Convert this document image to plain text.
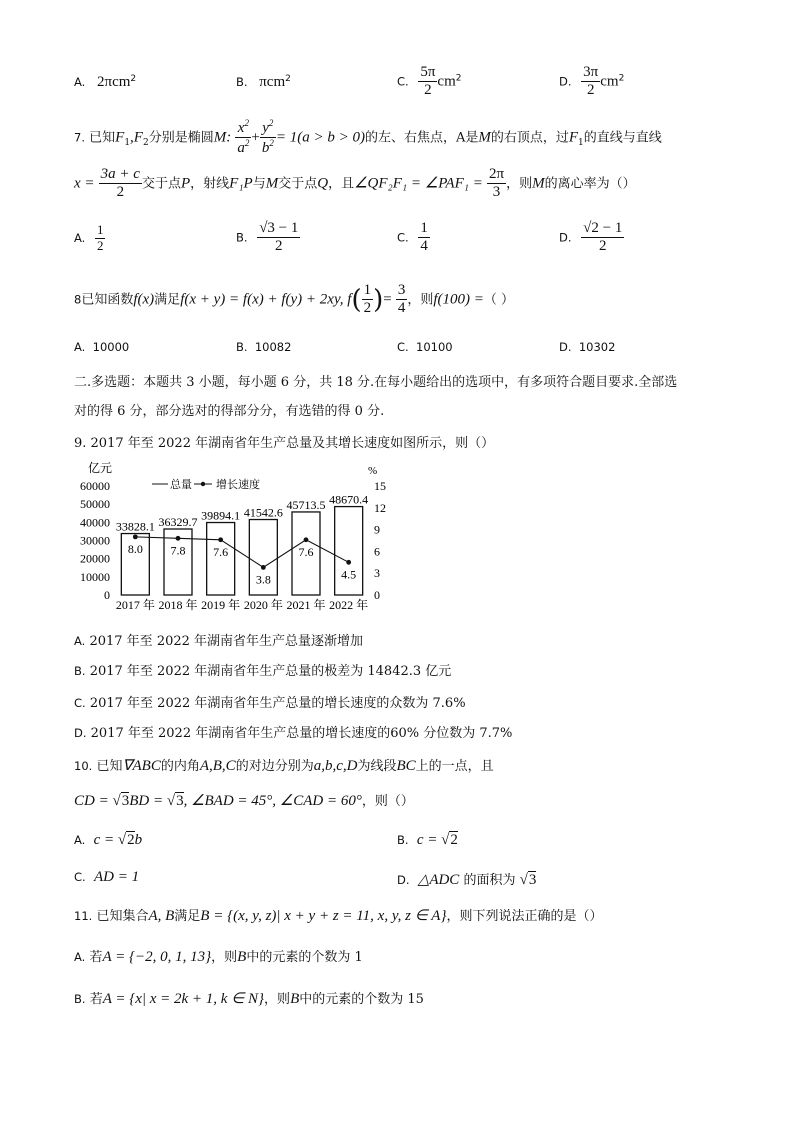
A. 2πcm$^2$	B. πcm$^2$	C. $\frac{5\pi}{2} cm^2$	D. $\frac{3\pi}{2} cm^2$
7. 已知$F_1,F_2$分别是椭圆M: $\frac{x^2}{a^2} + \frac{y^2}{b^2} = 1(a > b > 0)$的左、右焦点，A是M的右顶点，过$F_1$的直线与直线
$x = \frac{3a + c}{2}$ 交于点P，射线F₁P与M交于点Q，且∠QF₂F₁ = ∠PAF₁ = $\frac{2\pi}{3}$ ，则M的离心率为（）
A. $\frac{1}{2}$	B. $\frac{√3 - 1}{2}$	C. $\frac{1}{4}$	D. $\frac{√2 - 1}{2}$
8已知函数f(x)满足f(x + y) = f(x) + f(y) + 2xy, $f( \frac{1}{2}$ )= $\frac{3}{4}$ ，则f(100) =（ ）
A. 10000	B. 10082	C. 10100	D. 10302
二.多选题：本题共 3 小题，每小题 6 分，共 18 分.在每小题给出的选项中，有多项符合题目要求.全部选
对的得 6 分，部分选对的得部分分，有选错的得 0 分.
9. 2017 年至 2022 年湖南省年生产总量及其增长速度如图所示，则（）
亿元
60000
50000
40000
30000
20000
10000
0
%
15
12
9
6
3
0
总量 增长速度
33828.1 36329.7 39894.1 41542.6
45713.5 48670.4
8.0 7.8 7.6
3.8
7.6
4.5
2017 年 2018 年 2019 年 2020 年 2021 年 2022 年
A. 2017 年至 2022 年湖南省年生产总量逐渐增加
B. 2017 年至 2022 年湖南省年生产总量的极差为 14842.3 亿元
C. 2017 年至 2022 年湖南省年生产总量的增长速度的众数为 7.6%
D. 2017 年至 2022 年湖南省年生产总量的增长速度的60% 分位数为 7.7%
10. 已知∇ABC的内角A,B,C的对边分别为a,b,c,D为线段BC上的一点，且
CD = √3BD = √3, ∠BAD = 45°, ∠CAD = 60°，则（）
A. c = √2b	B. c = √2
C. AD = 1	D. △ADC 的面积为 √3
11. 已知集合A, B满足B = {(x, y, z)| x + y + z = 11, x, y, z ∈ A}，则下列说法正确的是（）
A. 若A = {−2, 0, 1, 13}，则B中的元素的个数为 1
B. 若A = {x| x = 2k + 1, k ∈ N}，则B中的元素的个数为 15
